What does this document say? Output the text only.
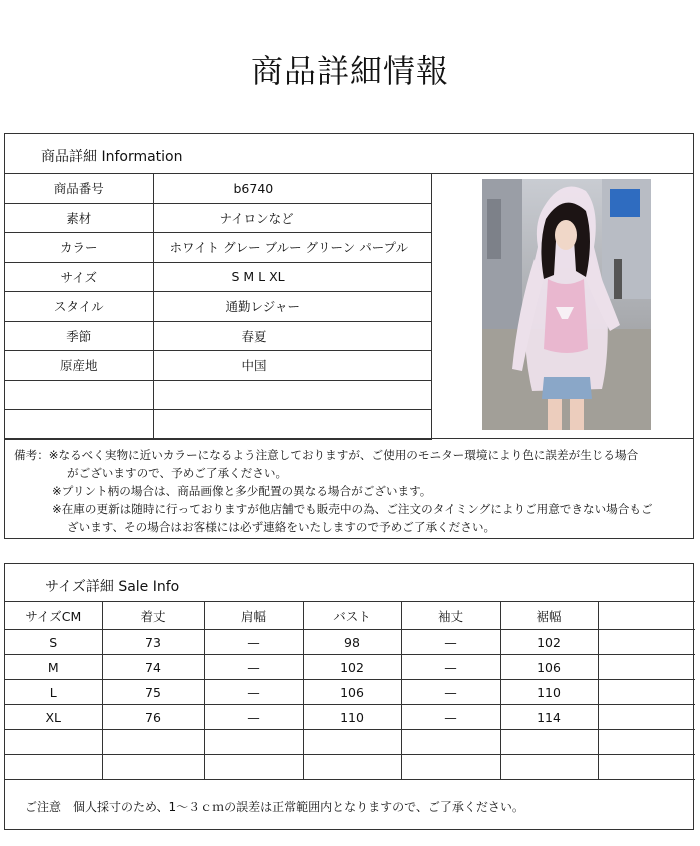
商品詳細情報
商品詳細 Information
商品番号	b6740
素材	ナイロンなど
カラー	ホワイト グレー ブルー グリーン パープル
サイズ	S M L XL
スタイル	通勤レジャー
季節	春夏
原産地	中国

備考：※なるべく実物に近いカラーになるよう注意しておりますが、ご使用のモニター環境により色に誤差が生じる場合
がございますので、予めご了承ください。
※プリント柄の場合は、商品画像と多少配置の異なる場合がございます。
※在庫の更新は随時に行っておりますが他店舗でも販売中の為、ご注文のタイミングによりご用意できない場合もご
ざいます、その場合はお客様には必ず連絡をいたしますので予めご了承ください。
サイズ詳細 Sale Info
サイズCM	着丈	肩幅	バスト	袖丈	裾幅	
S	73	—	98	—	102	
M	74	—	102	—	106	
L	75	—	106	—	110	
XL	76	—	110	—	114	

ご注意　個人採寸のため、1～３ｃｍの誤差は正常範囲内となりますので、ご了承ください。
